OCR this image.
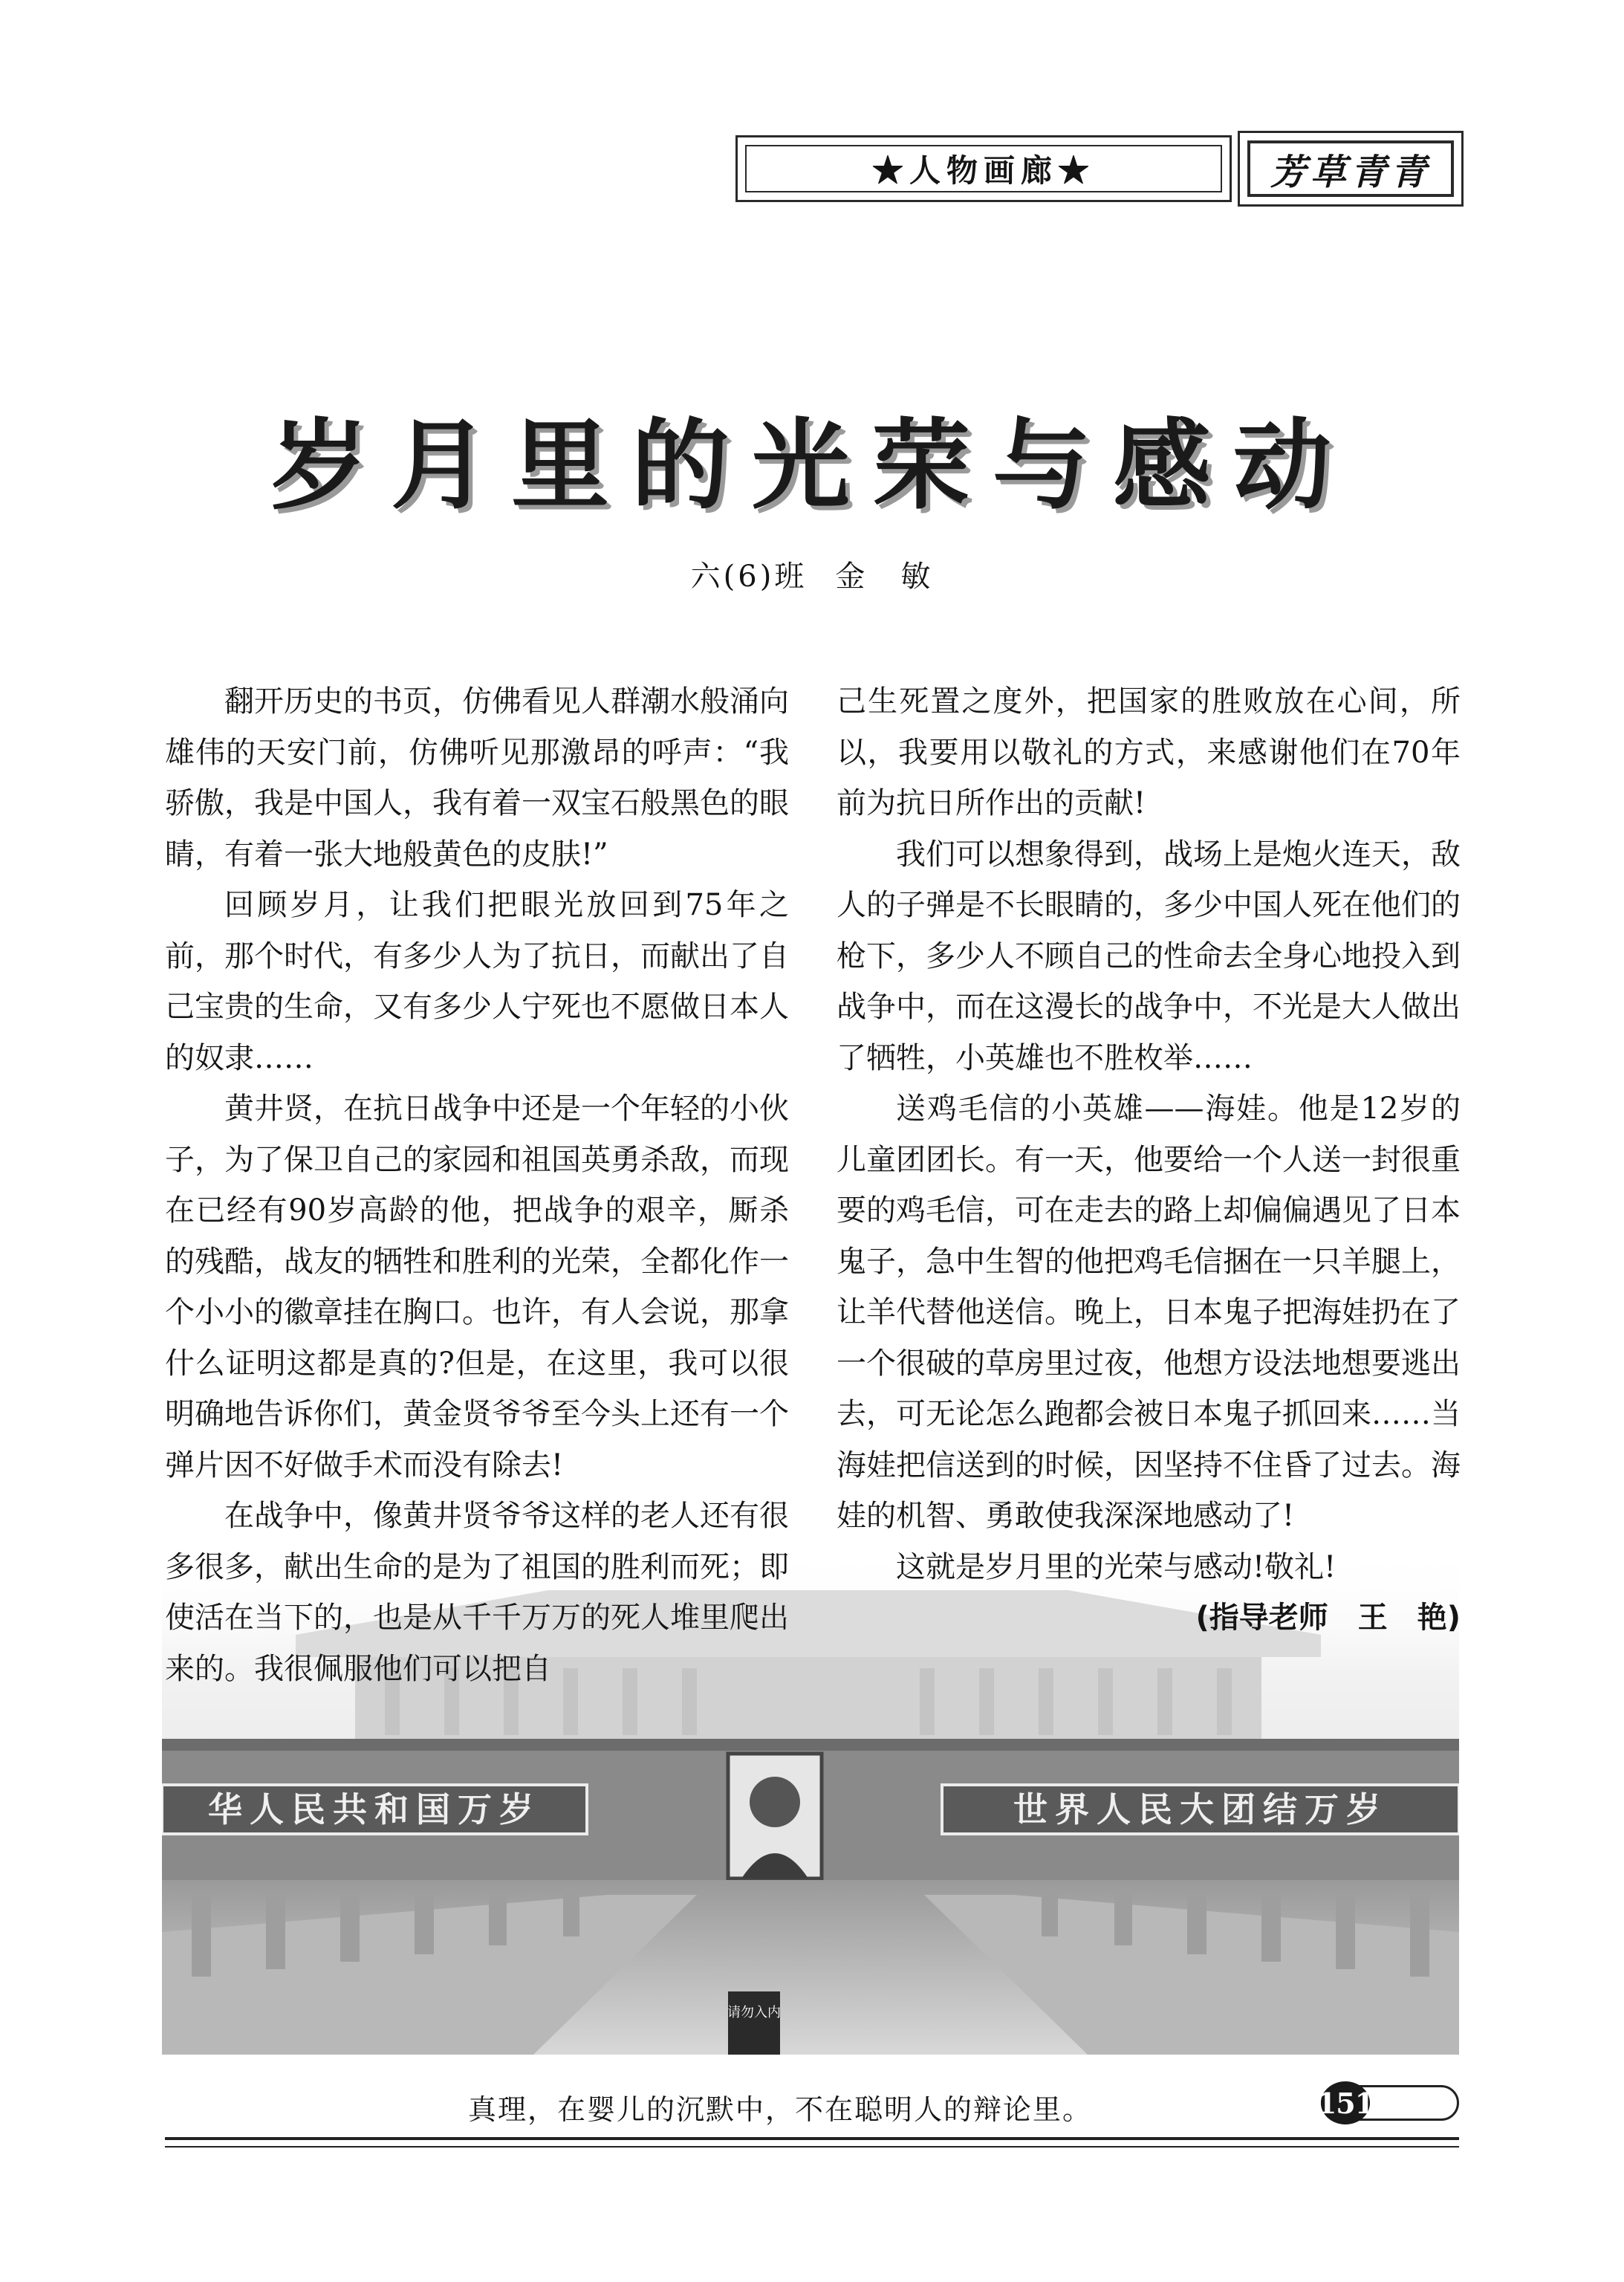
★人物画廊★	芳草青青
岁月里的光荣与感动
六(6)班 金　敏
华人民共和国万岁	世界人民大团结万岁
请勿入内

翻开历史的书页，仿佛看见人群潮水般涌向雄伟的天安门前，仿佛听见那激昂的呼声：“我骄傲，我是中国人，我有着一双宝石般黑色的眼睛，有着一张大地般黄色的皮肤!”

回顾岁月，让我们把眼光放回到75年之前，那个时代，有多少人为了抗日，而献出了自己宝贵的生命，又有多少人宁死也不愿做日本人的奴隶……

黄井贤，在抗日战争中还是一个年轻的小伙子，为了保卫自己的家园和祖国英勇杀敌，而现在已经有90岁高龄的他，把战争的艰辛，厮杀的残酷，战友的牺牲和胜利的光荣，全都化作一个小小的徽章挂在胸口。也许，有人会说，那拿什么证明这都是真的?但是，在这里，我可以很明确地告诉你们，黄金贤爷爷至今头上还有一个弹片因不好做手术而没有除去!

在战争中，像黄井贤爷爷这样的老人还有很多很多，献出生命的是为了祖国的胜利而死；即使活在当下的，也是从千千万万的死人堆里爬出来的。我很佩服他们可以把自

己生死置之度外，把国家的胜败放在心间，所以，我要用以敬礼的方式，来感谢他们在70年前为抗日所作出的贡献!

我们可以想象得到，战场上是炮火连天，敌人的子弹是不长眼睛的，多少中国人死在他们的枪下，多少人不顾自己的性命去全身心地投入到战争中，而在这漫长的战争中，不光是大人做出了牺牲，小英雄也不胜枚举……

送鸡毛信的小英雄——海娃。他是12岁的儿童团团长。有一天，他要给一个人送一封很重要的鸡毛信，可在走去的路上却偏偏遇见了日本鬼子，急中生智的他把鸡毛信捆在一只羊腿上，让羊代替他送信。晚上，日本鬼子把海娃扔在了一个很破的草房里过夜，他想方设法地想要逃出去，可无论怎么跑都会被日本鬼子抓回来……当海娃把信送到的时候，因坚持不住昏了过去。海娃的机智、勇敢使我深深地感动了!

这就是岁月里的光荣与感动!敬礼!

(指导老师　王　艳)

真理，在婴儿的沉默中，不在聪明人的辩论里。	151
